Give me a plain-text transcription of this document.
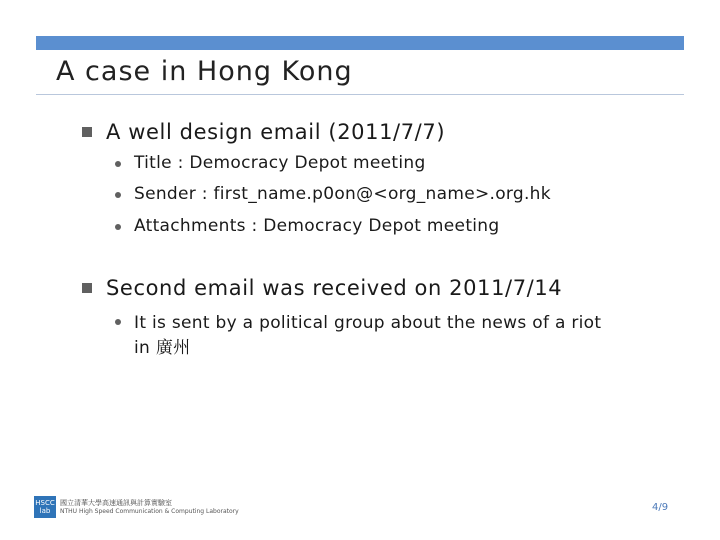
A case in Hong Kong
A well design email (2011/7/7)
Title : Democracy Depot meeting
Sender : first_name.p0on@<org_name>.org.hk
Attachments : Democracy Depot meeting
Second email was received on 2011/7/14
It is sent by a political group about the news of a riot
in 廣州
HSCC
lab
國立清華大學高速通訊與計算實驗室
NTHU High Speed Communication & Computing Laboratory	4/9
